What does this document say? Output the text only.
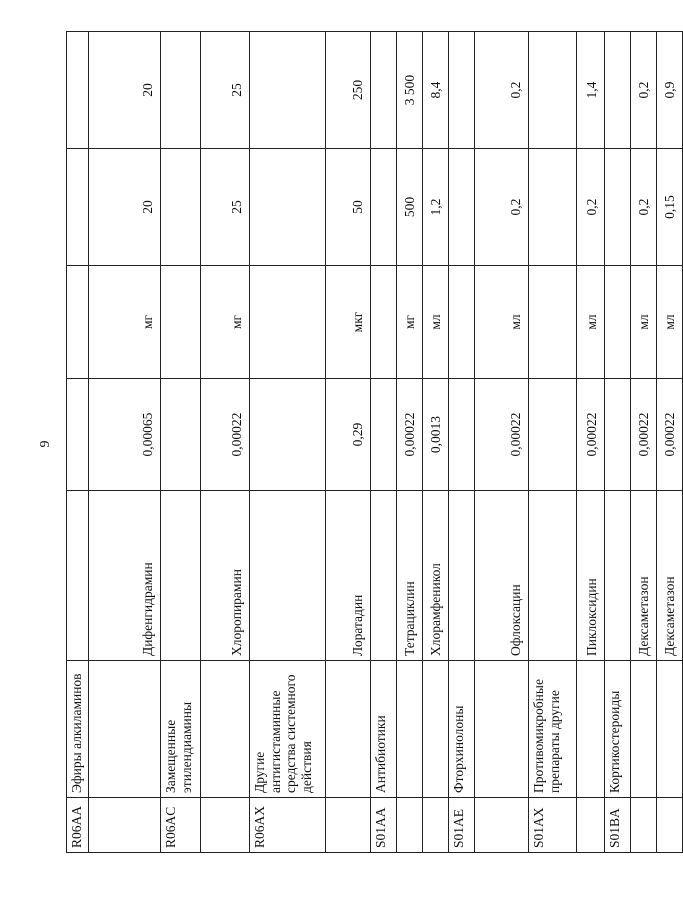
9
R06AA	Эфиры алкиламинов					
		Дифенгидрамин	0,00065	мг	20	20
R06AC	Замещенные этилендиамины					
		Хлоропирамин	0,00022	мг	25	25
R06AX	Другие антигистаминные средства системного действия					
		Лоратадин	0,29	мкг	50	250
S01AA	Антибиотики					
		Тетрациклин	0,00022	мг	500	3 500
		Хлорамфеникол	0,0013	мл	1,2	8,4
S01AE	Фторхинолоны					
		Офлоксацин	0,00022	мл	0,2	0,2
S01AX	Противомикробные препараты другие					
		Пиклоксидин	0,00022	мл	0,2	1,4
S01BA	Кортикостероиды					
		Дексаметазон	0,00022	мл	0,2	0,2
		Дексаметазон	0,00022	мл	0,15	0,9
